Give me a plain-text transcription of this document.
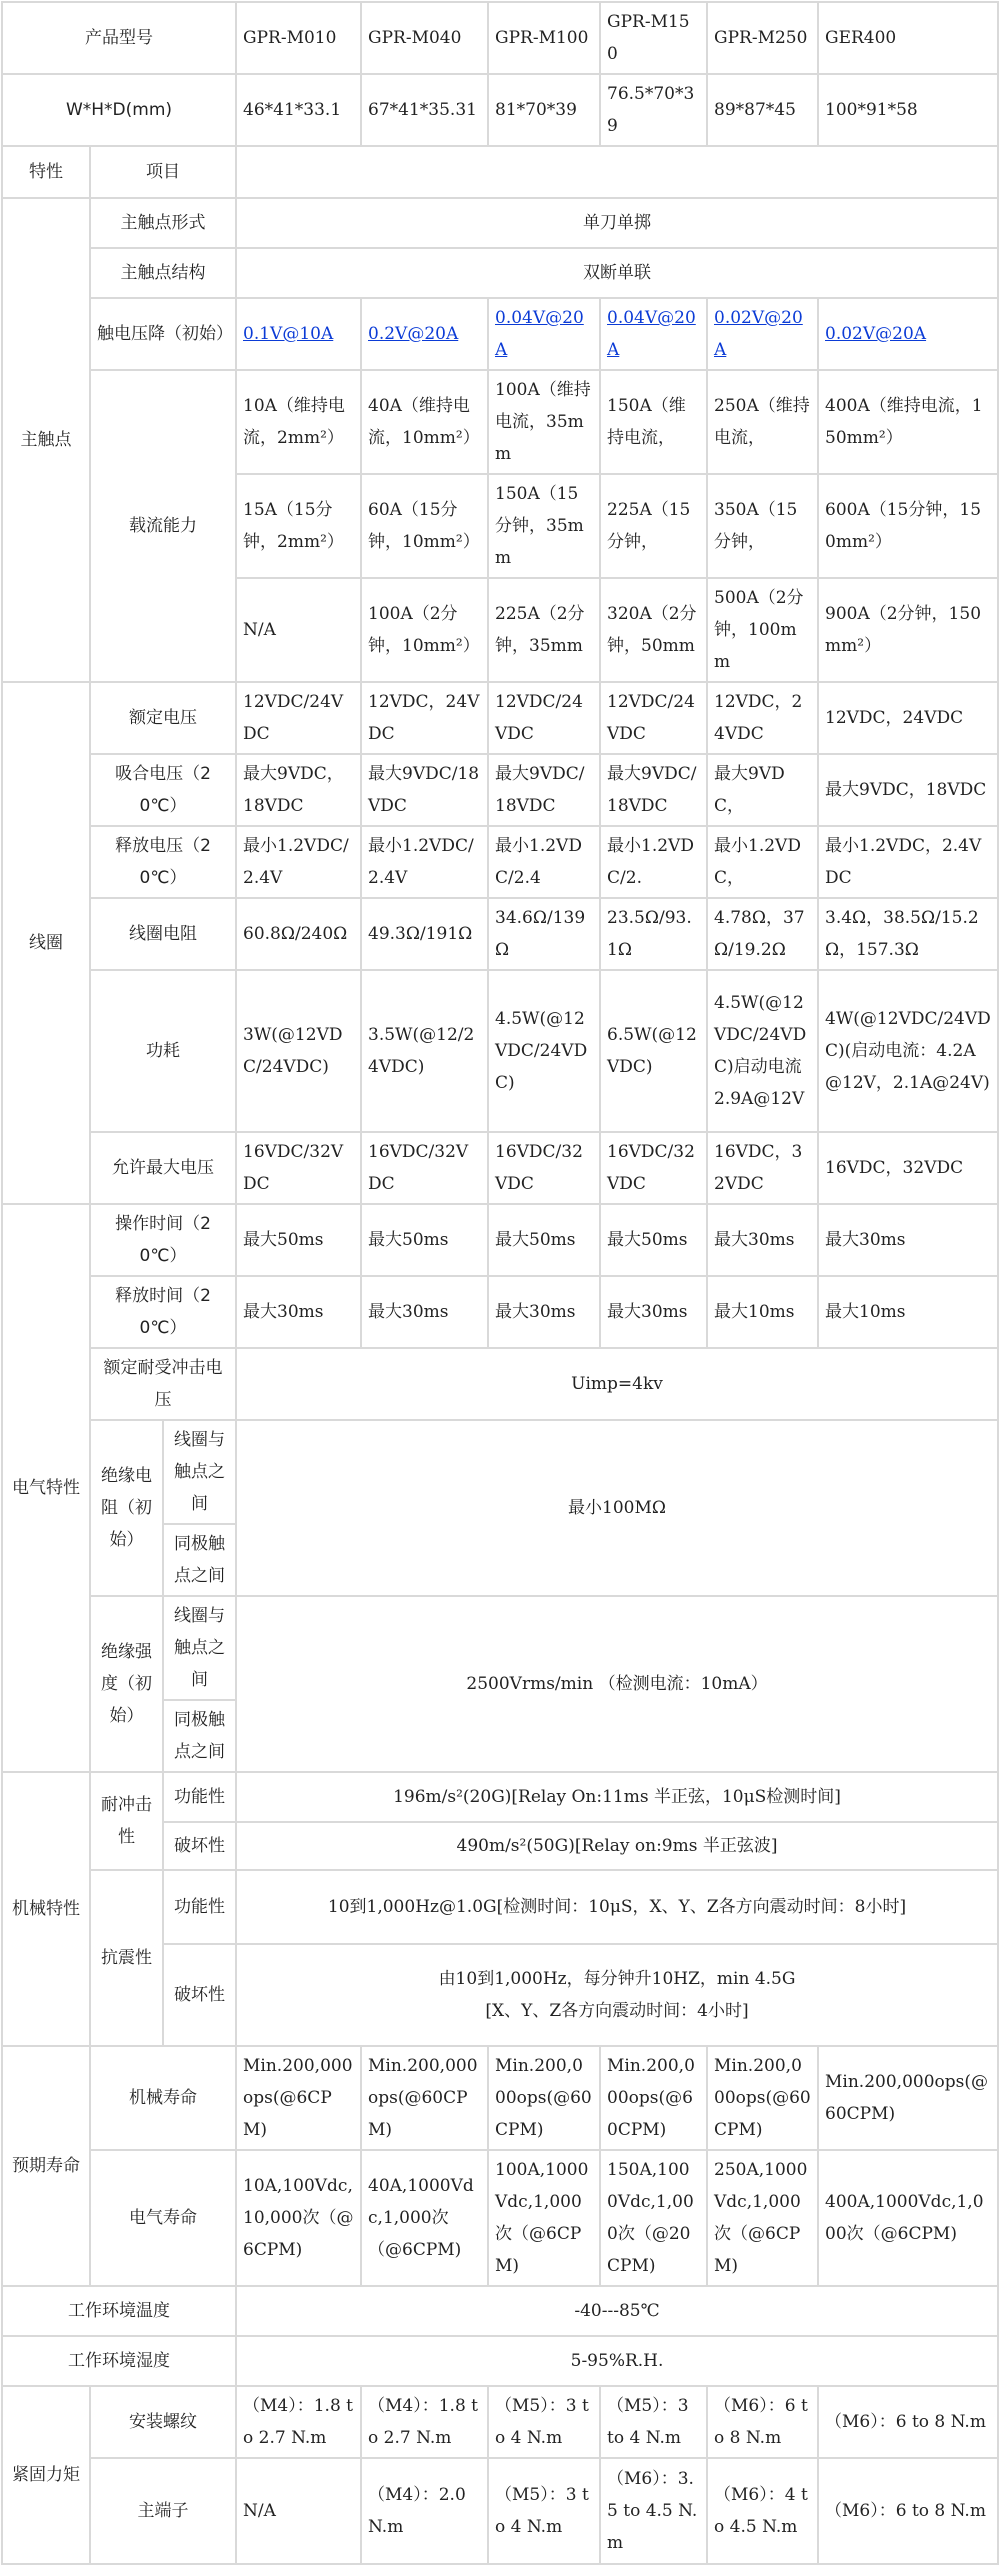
产品型号			GPR-M010	GPR-M040	GPR-M100	GPR-M150	GPR-M250	GER400
W*H*D(mm)			46*41*33.1	67*41*35.31	81*70*39	76.5*70*39	89*87*45	100*91*58
特性	项目							
主触点	主触点形式		单刀单掷					
	主触点结构		双断单联					
	触电压降（初始）		0.1V@10A	0.2V@20A	0.04V@20A	0.04V@20A	0.02V@20A	0.02V@20A
	载流能力		10A（维持电流，2mm²）	40A（维持电流，10mm²）	100A（维持电流，35mm	150A（维持电流，	250A（维持电流，	400A（维持电流，150mm²）
			15A（15分钟，2mm²）	60A（15分钟，10mm²）	150A（15分钟，35mm	225A（15分钟，	350A（15分钟，	600A（15分钟，150mm²）
			N/A	100A（2分钟，10mm²）	225A（2分钟，35mm	320A（2分钟，50mm	500A（2分钟，100mm	900A（2分钟，150mm²）
线圈	额定电压		12VDC/24VDC	12VDC，24VDC	12VDC/24VDC	12VDC/24VDC	12VDC，24VDC	12VDC，24VDC
	吸合电压（20℃）		最大9VDC，18VDC	最大9VDC/18VDC	最大9VDC/18VDC	最大9VDC/18VDC	最大9VDC，	最大9VDC，18VDC
	释放电压（20℃）		最小1.2VDC/2.4V	最小1.2VDC/2.4V	最小1.2VDC/2.4	最小1.2VDC/2.	最小1.2VDC，	最小1.2VDC，2.4VDC
	线圈电阻		60.8Ω/240Ω	49.3Ω/191Ω	34.6Ω/139Ω	23.5Ω/93.1Ω	4.78Ω，37Ω/19.2Ω	3.4Ω，38.5Ω/15.2Ω，157.3Ω
	功耗		3W(@12VDC/24VDC)	3.5W(@12/24VDC)	4.5W(@12VDC/24VDC)	6.5W(@12VDC)	4.5W(@12VDC/24VDC)启动电流2.9A@12V	4W(@12VDC/24VDC)(启动电流：4.2A@12V，2.1A@24V)
	允许最大电压		16VDC/32VDC	16VDC/32VDC	16VDC/32VDC	16VDC/32VDC	16VDC，32VDC	16VDC，32VDC

电气特性	操作时间（20℃）		最大50ms	最大50ms	最大50ms	最大50ms	最大30ms	最大30ms
	释放时间（20℃）		最大30ms	最大30ms	最大30ms	最大30ms	最大10ms	最大10ms
	额定耐受冲击电压		Uimp=4kv					
	绝缘电阻（初始）	线圈与触点之间	最小100MΩ					
		同极触点之间						
	绝缘强度（初始）	线圈与触点之间	2500Vrms/min （检测电流：10mA）					
		同极触点之间						
机械特性	耐冲击性	功能性	196m/s²(20G)[Relay On:11ms 半正弦，10μS检测时间]					
		破坏性	490m/s²(50G)[Relay on:9ms 半正弦波]					
	抗震性	功能性	10到1,000Hz@1.0G[检测时间：10μS，X、Y、Z各方向震动时间：8小时]					
		破坏性	由10到1,000Hz，每分钟升10HZ，min 4.5G
[X、Y、Z各方向震动时间：4小时]					

预期寿命	机械寿命		Min.200,000ops(@6CPM)	Min.200,000ops(@60CPM)	Min.200,000ops(@60CPM)	Min.200,000ops(@60CPM)	Min.200,000ops(@60CPM)	Min.200,000ops(@60CPM)
	电气寿命		10A,100Vdc,10,000次（@6CPM)	40A,1000Vdc,1,000次（@6CPM)	100A,1000Vdc,1,000次（@6CPM)	150A,1000Vdc,1,000次（@20CPM)	250A,1000Vdc,1,000次（@6CPM)	400A,1000Vdc,1,000次（@6CPM)
工作环境温度			-40---85℃					
工作环境湿度			5-95%R.H.					
紧固力矩	安装螺纹		（M4）：1.8 to 2.7 N.m	（M4）：1.8 to 2.7 N.m	（M5）：3 to 4 N.m	（M5）：3 to 4 N.m	（M6）：6 to 8 N.m	（M6）：6 to 8 N.m
	主端子		N/A	（M4）：2.0 N.m	（M5）：3 to 4 N.m	（M6）：3.5 to 4.5 N.m	（M6）：4 to 4.5 N.m	（M6）：6 to 8 N.m
